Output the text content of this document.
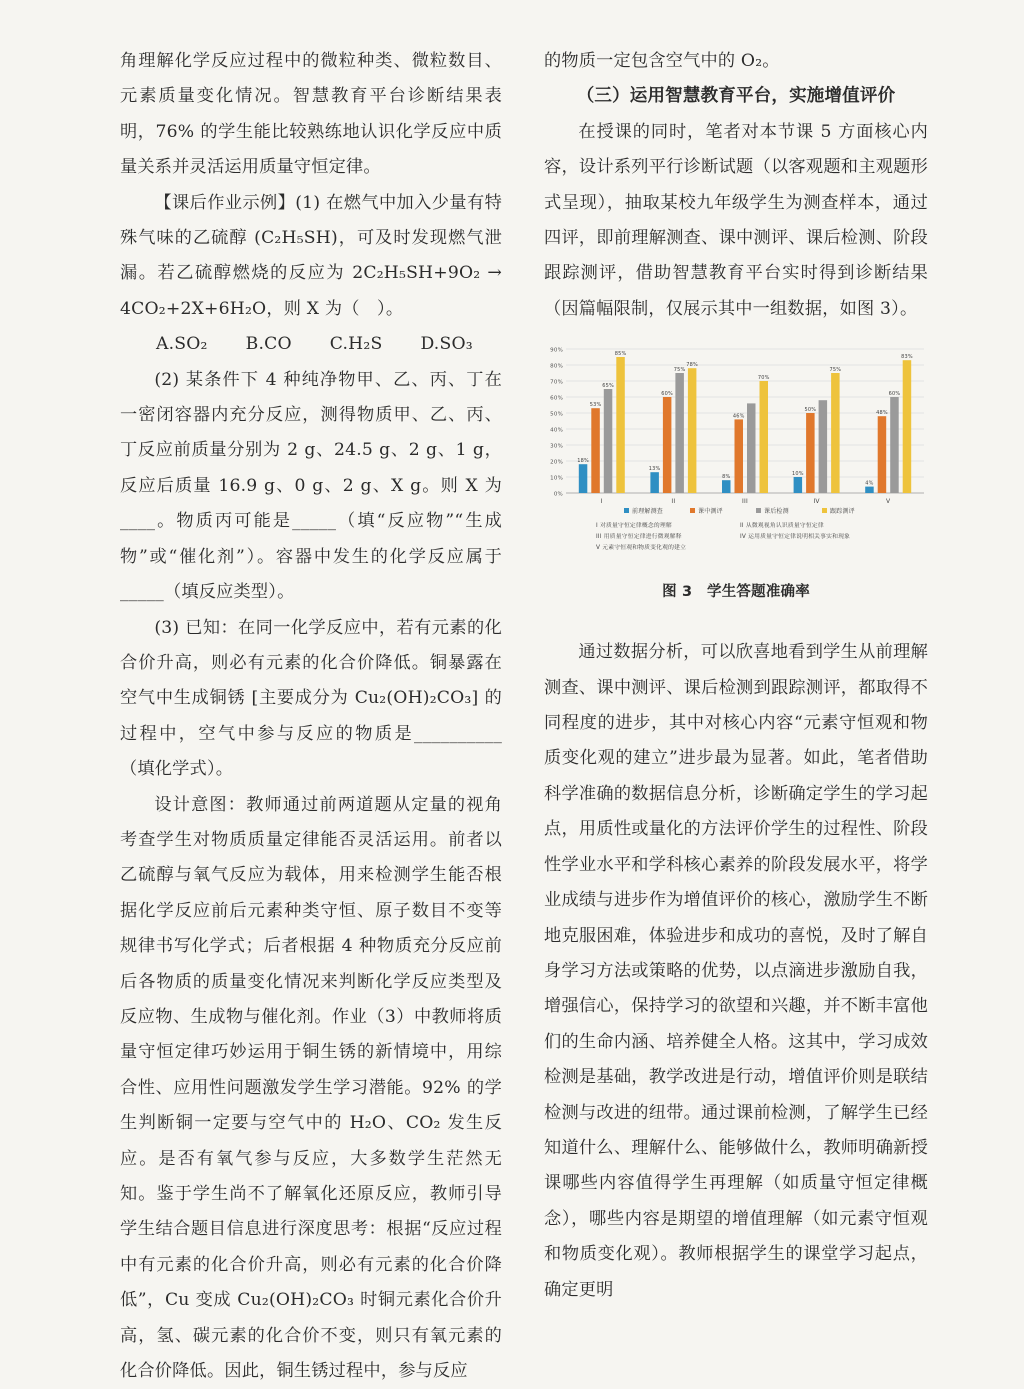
角理解化学反应过程中的微粒种类、微粒数目、元素质量变化情况。智慧教育平台诊断结果表明，76% 的学生能比较熟练地认识化学反应中质量关系并灵活运用质量守恒定律。

【课后作业示例】(1) 在燃气中加入少量有特殊气味的乙硫醇 (C₂H₅SH)，可及时发现燃气泄漏。若乙硫醇燃烧的反应为 2C₂H₅SH+9O₂ → 4CO₂+2X+6H₂O，则 X 为（　）。

A.SO₂ B.CO C.H₂S D.SO₃

(2) 某条件下 4 种纯净物甲、乙、丙、丁在一密闭容器内充分反应，测得物质甲、乙、丙、丁反应前质量分别为 2 g、24.5 g、2 g、1 g，反应后质量 16.9 g、0 g、2 g、X g。则 X 为____。物质丙可能是_____（填“反应物”“生成物”或“催化剂”）。容器中发生的化学反应属于_____（填反应类型）。

(3) 已知：在同一化学反应中，若有元素的化合价升高，则必有元素的化合价降低。铜暴露在空气中生成铜锈 [主要成分为 Cu₂(OH)₂CO₃] 的过程中，空气中参与反应的物质是__________（填化学式）。

设计意图：教师通过前两道题从定量的视角考查学生对物质质量定律能否灵活运用。前者以乙硫醇与氧气反应为载体，用来检测学生能否根据化学反应前后元素种类守恒、原子数目不变等规律书写化学式；后者根据 4 种物质充分反应前后各物质的质量变化情况来判断化学反应类型及反应物、生成物与催化剂。作业（3）中教师将质量守恒定律巧妙运用于铜生锈的新情境中，用综合性、应用性问题激发学生学习潜能。92% 的学生判断铜一定要与空气中的 H₂O、CO₂ 发生反应。是否有氧气参与反应，大多数学生茫然无知。鉴于学生尚不了解氧化还原反应，教师引导学生结合题目信息进行深度思考：根据“反应过程中有元素的化合价升高，则必有元素的化合价降低”，Cu 变成 Cu₂(OH)₂CO₃ 时铜元素化合价升高，氢、碳元素的化合价不变，则只有氧元素的化合价降低。因此，铜生锈过程中，参与反应

的物质一定包含空气中的 O₂。

（三）运用智慧教育平台，实施增值评价

在授课的同时，笔者对本节课 5 方面核心内容，设计系列平行诊断试题（以客观题和主观题形式呈现），抽取某校九年级学生为测查样本，通过四评，即前理解测查、课中测评、课后检测、阶段跟踪测评，借助智慧教育平台实时得到诊断结果（因篇幅限制，仅展示其中一组数据，如图 3）。

0%
10%
20%
30%
40%
50%
60%
70%
80%
90%
18%
53%
65%
85%
I
13%
60%
75%
78%
II
8%
46%
70%
III
10%
50%
75%
IV
4%
48%
60%
83%
V
前理解测查	课中测评	课后检测	跟踪测评
I 对质量守恒定律概念的理解	II 从微观视角认识质量守恒定律
III 用质量守恒定律进行微观解释	IV 运用质量守恒定律说明相关事实和现象
V 元素守恒观和物质变化观的建立
图 3　学生答题准确率

通过数据分析，可以欣喜地看到学生从前理解测查、课中测评、课后检测到跟踪测评，都取得不同程度的进步，其中对核心内容“元素守恒观和物质变化观的建立”进步最为显著。如此，笔者借助科学准确的数据信息分析，诊断确定学生的学习起点，用质性或量化的方法评价学生的过程性、阶段性学业水平和学科核心素养的阶段发展水平，将学业成绩与进步作为增值评价的核心，激励学生不断地克服困难，体验进步和成功的喜悦，及时了解自身学习方法或策略的优势，以点滴进步激励自我，增强信心，保持学习的欲望和兴趣，并不断丰富他们的生命内涵、培养健全人格。这其中，学习成效检测是基础，教学改进是行动，增值评价则是联结检测与改进的纽带。通过课前检测，了解学生已经知道什么、理解什么、能够做什么，教师明确新授课哪些内容值得学生再理解（如质量守恒定律概念），哪些内容是期望的增值理解（如元素守恒观和物质变化观）。教师根据学生的课堂学习起点，确定更明
